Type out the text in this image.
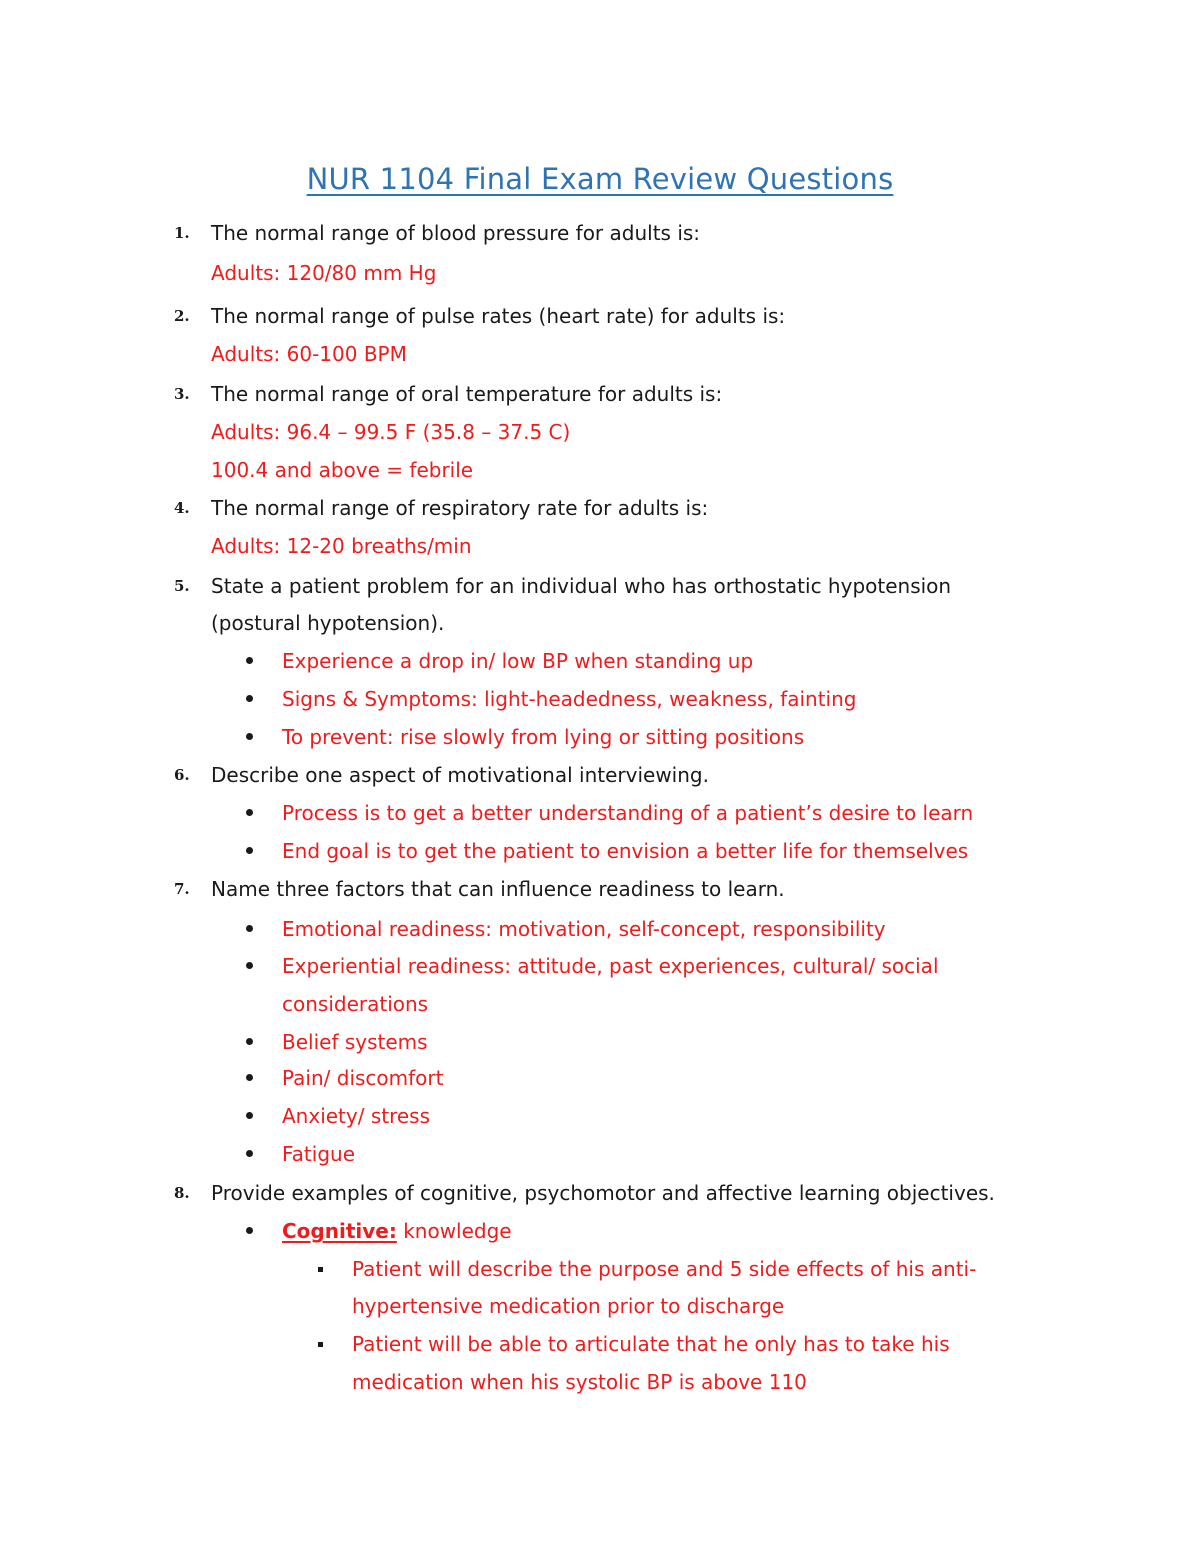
NUR 1104 Final Exam Review Questions
1. The normal range of blood pressure for adults is:
Adults: 120/80 mm Hg
2. The normal range of pulse rates (heart rate) for adults is:
Adults: 60-100 BPM
3. The normal range of oral temperature for adults is:
Adults: 96.4 – 99.5 F (35.8 – 37.5 C)
100.4 and above = febrile
4. The normal range of respiratory rate for adults is:
Adults: 12-20 breaths/min
5. State a patient problem for an individual who has orthostatic hypotension
(postural hypotension).
Experience a drop in/ low BP when standing up
Signs & Symptoms: light-headedness, weakness, fainting
To prevent: rise slowly from lying or sitting positions
6. Describe one aspect of motivational interviewing.
Process is to get a better understanding of a patient’s desire to learn
End goal is to get the patient to envision a better life for themselves
7. Name three factors that can influence readiness to learn.
Emotional readiness: motivation, self-concept, responsibility
Experiential readiness: attitude, past experiences, cultural/ social
considerations
Belief systems
Pain/ discomfort
Anxiety/ stress
Fatigue
8. Provide examples of cognitive, psychomotor and affective learning objectives.
Cognitive: knowledge
Patient will describe the purpose and 5 side effects of his anti-
hypertensive medication prior to discharge
Patient will be able to articulate that he only has to take his
medication when his systolic BP is above 110
